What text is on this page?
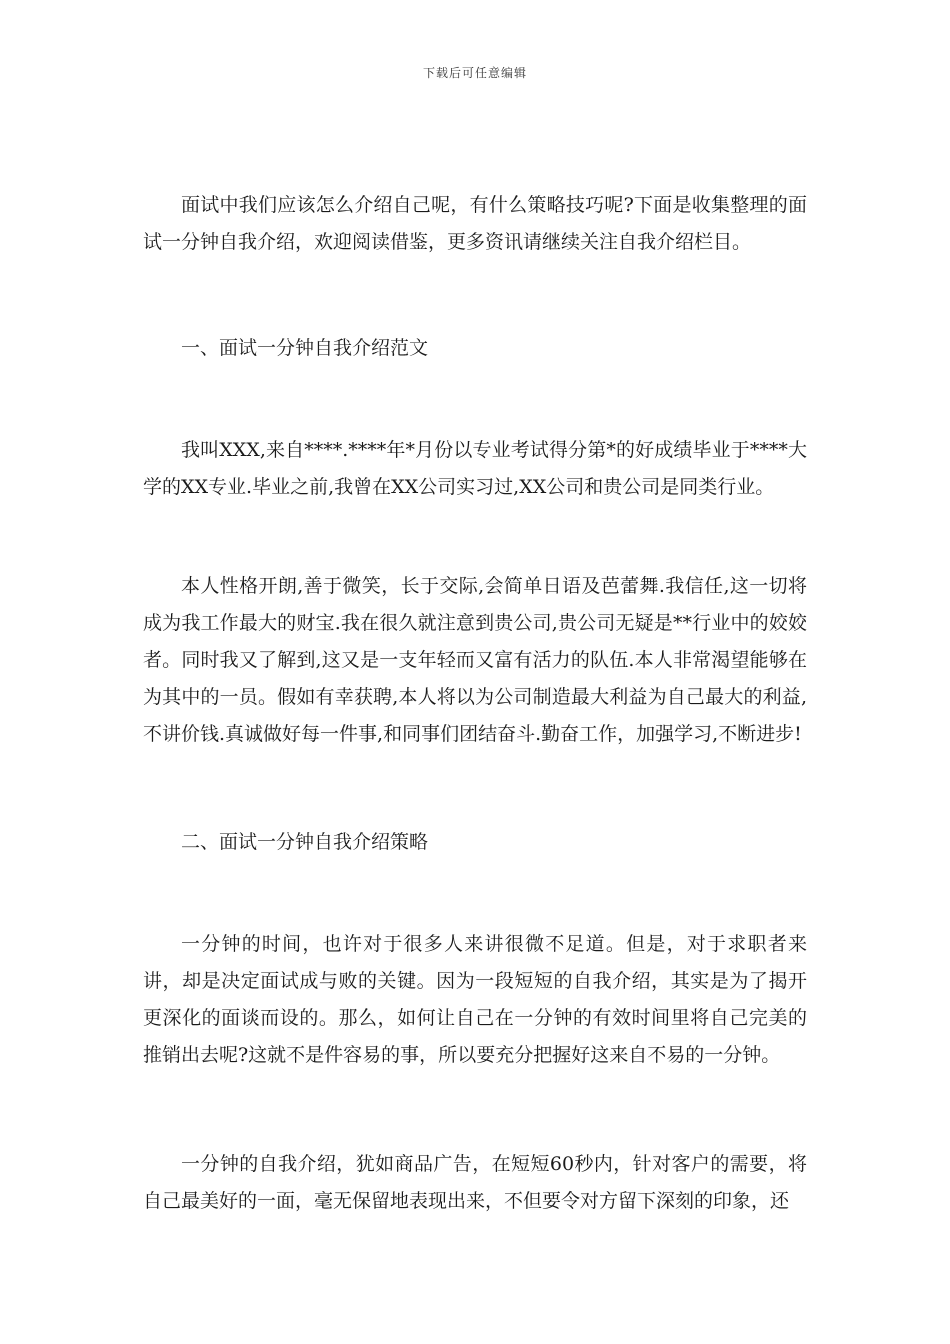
下载后可任意编辑

面试中我们应该怎么介绍自己呢，有什么策略技巧呢?下面是收集整理的面试一分钟自我介绍，欢迎阅读借鉴，更多资讯请继续关注自我介绍栏目。

一、面试一分钟自我介绍范文

我叫XXX,来自****.****年*月份以专业考试得分第*的好成绩毕业于****大学的XX专业.毕业之前,我曾在XX公司实习过,XX公司和贵公司是同类行业。

本人性格开朗,善于微笑，长于交际,会简单日语及芭蕾舞.我信任,这一切将成为我工作最大的财宝.我在很久就注意到贵公司,贵公司无疑是**行业中的姣姣者。同时我又了解到,这又是一支年轻而又富有活力的队伍.本人非常渴望能够在为其中的一员。假如有幸获聘,本人将以为公司制造最大利益为自己最大的利益,不讲价钱.真诚做好每一件事,和同事们团结奋斗.勤奋工作，加强学习,不断进步!

二、面试一分钟自我介绍策略

一分钟的时间，也许对于很多人来讲很微不足道。但是，对于求职者来讲，却是决定面试成与败的关键。因为一段短短的自我介绍，其实是为了揭开更深化的面谈而设的。那么，如何让自己在一分钟的有效时间里将自己完美的推销出去呢?这就不是件容易的事，所以要充分把握好这来自不易的一分钟。

一分钟的自我介绍，犹如商品广告，在短短60秒内，针对客户的需要，将自己最美好的一面，毫无保留地表现出来，不但要令对方留下深刻的印象，还
